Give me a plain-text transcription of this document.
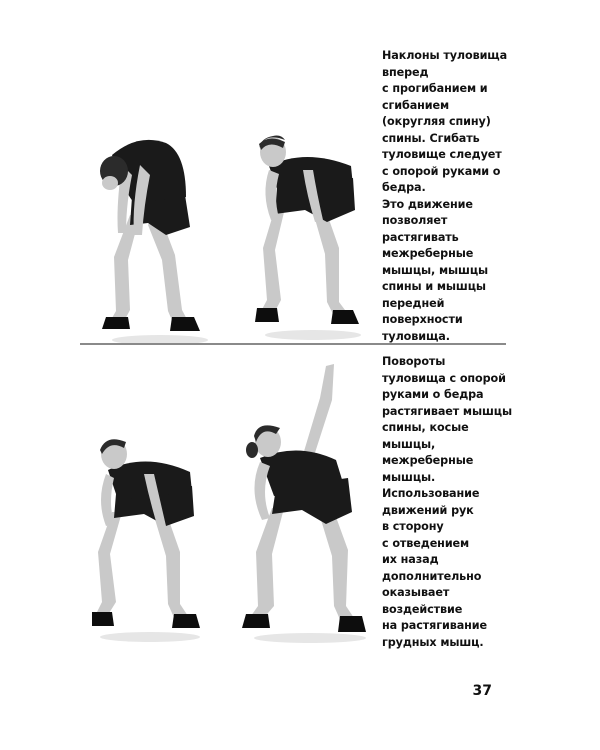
Наклоны туловища
вперед
с прогибанием и
сгибанием
(округляя спину)
спины. Сгибать
туловище следует
с опорой руками о
бедра.
Это движение
позволяет
растягивать
межреберные
мышцы, мышцы
спины и мышцы
передней
поверхности
туловища.
Повороты
туловища с опорой
руками о бедра
растягивает мышцы
спины, косые
мышцы,
межреберные
мышцы.
Использование
движений рук
в сторону
с отведением
их назад
дополнительно
оказывает
воздействие
на растягивание
грудных мышц.
37
